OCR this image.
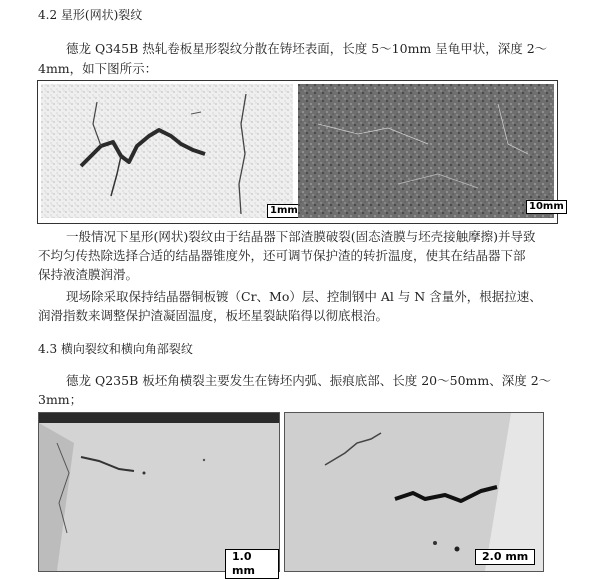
4.2 星形(网状)裂纹
德龙 Q345B 热轧卷板星形裂纹分散在铸坯表面，长度 5～10mm 呈龟甲状，深度 2～
4mm，如下图所示：
1mm	10mm
一般情况下星形(网状)裂纹由于结晶器下部渣膜破裂(固态渣膜与坯壳接触摩擦)并导致
不均匀传热除选择合适的结晶器锥度外，还可调节保护渣的转折温度，使其在结晶器下部
保持液渣膜润滑。
现场除采取保持结晶器铜板镀（Cr、Mo）层、控制钢中 Al 与 N 含量外，根据拉速、
润滑指数来调整保护渣凝固温度，板坯星裂缺陷得以彻底根治。
4.3 横向裂纹和横向角部裂纹
德龙 Q235B 板坯角横裂主要发生在铸坯内弧、振痕底部、长度 20～50mm、深度 2～
3mm；
1.0 mm
2.0 mm
